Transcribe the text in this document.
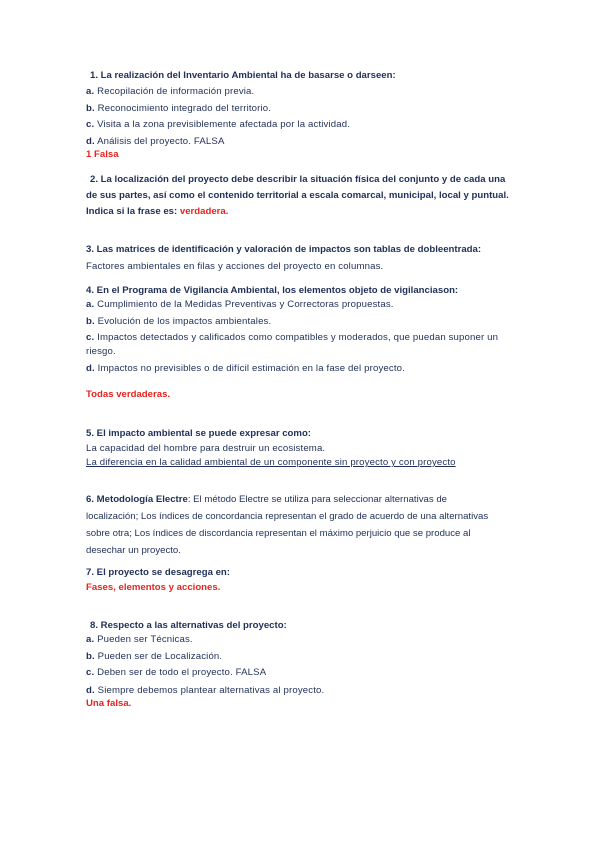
1. La realización del Inventario Ambiental ha de basarse o darseen:
a. Recopilación de información previa.
b. Reconocimiento integrado del territorio.
c. Visita a la zona previsiblemente afectada por la actividad.
d. Análisis del proyecto. FALSA
1 Falsa
2. La localización del proyecto debe describir la situación física del conjunto y de cada una
de sus partes, así como el contenido territorial a escala comarcal, municipal, local y puntual.
Indica si la frase es: verdadera.
3. Las matrices de identificación y valoración de impactos son tablas de dobleentrada:
Factores ambientales en filas y acciones del proyecto en columnas.
4. En el Programa de Vigilancia Ambiental, los elementos objeto de vigilanciason:
a. Cumplimiento de la Medidas Preventivas y Correctoras propuestas.
b. Evolución de los impactos ambientales.
c. Impactos detectados y calificados como compatibles y moderados, que puedan suponer un
riesgo.
d. Impactos no previsibles o de difícil estimación en la fase del proyecto.
Todas verdaderas.
5. El impacto ambiental se puede expresar como:
La capacidad del hombre para destruir un ecosistema.
La diferencia en la calidad ambiental de un componente sin proyecto y con proyecto
6. Metodología Electre: El método Electre se utiliza para seleccionar alternativas de
localización; Los índices de concordancia representan el grado de acuerdo de una alternativas
sobre otra; Los índices de discordancia representan el máximo perjuicio que se produce al
desechar un proyecto.
7. El proyecto se desagrega en:
Fases, elementos y acciones.
8. Respecto a las alternativas del proyecto:
a. Pueden ser Técnicas.
b. Pueden ser de Localización.
c. Deben ser de todo el proyecto. FALSA
d. Siempre debemos plantear alternativas al proyecto.
Una falsa.
